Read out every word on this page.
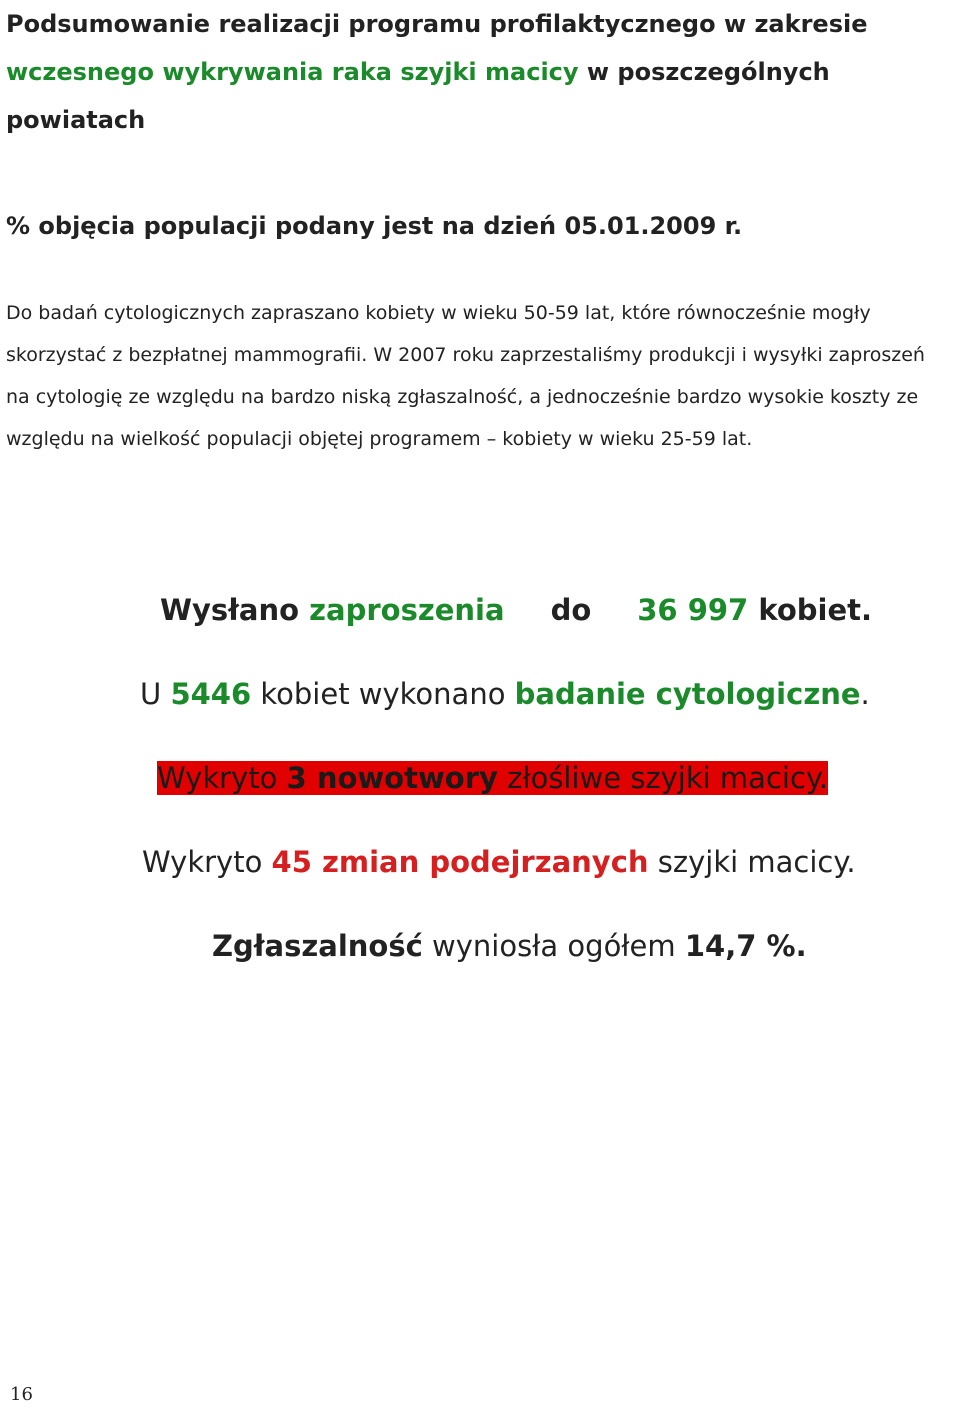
Podsumowanie realizacji programu profilaktycznego w zakresie
wczesnego wykrywania raka szyjki macicy w poszczególnych powiatach
% objęcia populacji podany jest na dzień 05.01.2009 r.
Do badań cytologicznych zapraszano kobiety w wieku 50-59 lat, które równocześnie mogły skorzystać z bezpłatnej mammografii. W 2007 roku zaprzestaliśmy produkcji i wysyłki zaproszeń na cytologię ze względu na bardzo niską zgłaszalność, a jednocześnie bardzo wysokie koszty ze względu na wielkość populacji objętej programem – kobiety w wieku 25-59 lat.
Wysłano zaproszenia do 36 997 kobiet.
U 5446 kobiet wykonano badanie cytologiczne.
Wykryto 3 nowotwory złośliwe szyjki macicy.
Wykryto 45 zmian podejrzanych szyjki macicy.
Zgłaszalność wyniosła ogółem 14,7 %.
16
